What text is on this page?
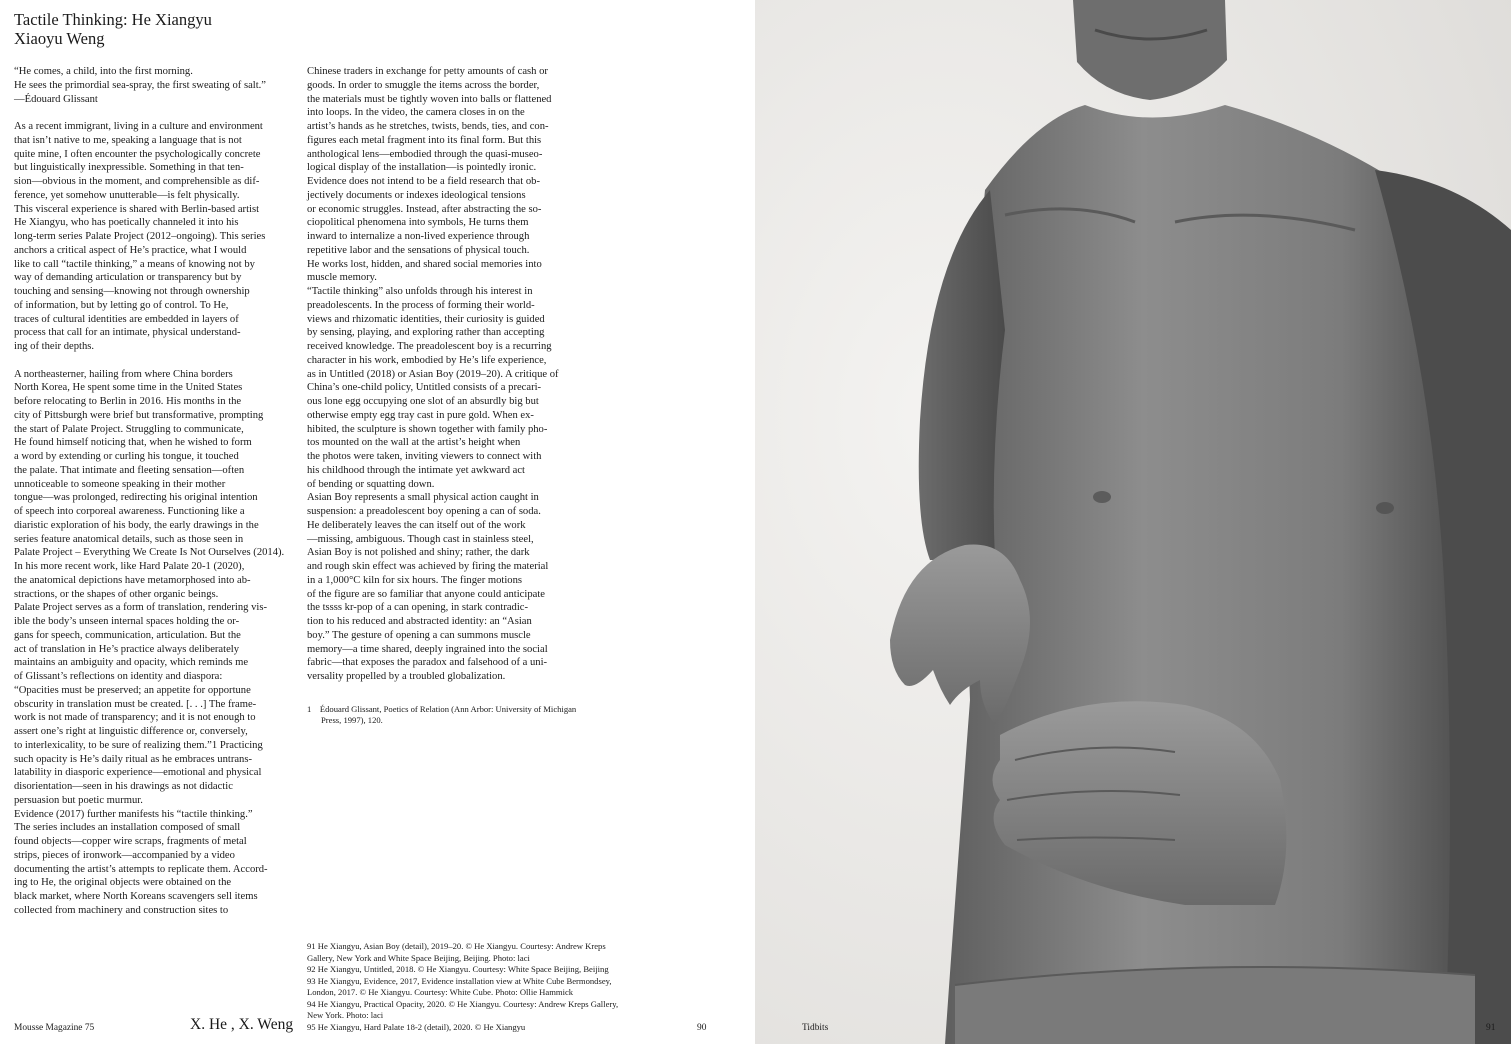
Tactile Thinking: He Xiangyu
Xiaoyu Weng

“He comes, a child, into the first morning.
He sees the primordial sea-spray, the first sweating of salt.”
—Édouard Glissant

As a recent immigrant, living in a culture and environment
that isn’t native to me, speaking a language that is not
quite mine, I often encounter the psychologically concrete
but linguistically inexpressible. Something in that ten-
sion—obvious in the moment, and comprehensible as dif-
ference, yet somehow unutterable—is felt physically.
This visceral experience is shared with Berlin-based artist
He Xiangyu, who has poetically channeled it into his
long-term series Palate Project (2012–ongoing). This series
anchors a critical aspect of He’s practice, what I would
like to call “tactile thinking,” a means of knowing not by
way of demanding articulation or transparency but by
touching and sensing—knowing not through ownership
of information, but by letting go of control. To He,
traces of cultural identities are embedded in layers of
process that call for an intimate, physical understand-
ing of their depths.

A northeasterner, hailing from where China borders
North Korea, He spent some time in the United States
before relocating to Berlin in 2016. His months in the
city of Pittsburgh were brief but transformative, prompting
the start of Palate Project. Struggling to communicate,
He found himself noticing that, when he wished to form
a word by extending or curling his tongue, it touched
the palate. That intimate and fleeting sensation—often
unnoticeable to someone speaking in their mother
tongue—was prolonged, redirecting his original intention
of speech into corporeal awareness. Functioning like a
diaristic exploration of his body, the early drawings in the
series feature anatomical details, such as those seen in
Palate Project – Everything We Create Is Not Ourselves (2014).
In his more recent work, like Hard Palate 20-1 (2020),
the anatomical depictions have metamorphosed into ab-
stractions, or the shapes of other organic beings.

Palate Project serves as a form of translation, rendering vis-
ible the body’s unseen internal spaces holding the or-
gans for speech, communication, articulation. But the
act of translation in He’s practice always deliberately
maintains an ambiguity and opacity, which reminds me
of Glissant’s reflections on identity and diaspora:
“Opacities must be preserved; an appetite for opportune
obscurity in translation must be created. [. . .] The frame-
work is not made of transparency; and it is not enough to
assert one’s right at linguistic difference or, conversely,
to interlexicality, to be sure of realizing them.”1 Practicing
such opacity is He’s daily ritual as he embraces untrans-
latability in diasporic experience—emotional and physical
disorientation—seen in his drawings as not didactic
persuasion but poetic murmur.

Evidence (2017) further manifests his “tactile thinking.”
The series includes an installation composed of small
found objects—copper wire scraps, fragments of metal
strips, pieces of ironwork—accompanied by a video
documenting the artist’s attempts to replicate them. Accord-
ing to He, the original objects were obtained on the
black market, where North Koreans scavengers sell items
collected from machinery and construction sites to

Chinese traders in exchange for petty amounts of cash or
goods. In order to smuggle the items across the border,
the materials must be tightly woven into balls or flattened
into loops. In the video, the camera closes in on the
artist’s hands as he stretches, twists, bends, ties, and con-
figures each metal fragment into its final form. But this
anthological lens—embodied through the quasi-museo-
logical display of the installation—is pointedly ironic.
Evidence does not intend to be a field research that ob-
jectively documents or indexes ideological tensions
or economic struggles. Instead, after abstracting the so-
ciopolitical phenomena into symbols, He turns them
inward to internalize a non-lived experience through
repetitive labor and the sensations of physical touch.
He works lost, hidden, and shared social memories into
muscle memory.

“Tactile thinking” also unfolds through his interest in
preadolescents. In the process of forming their world-
views and rhizomatic identities, their curiosity is guided
by sensing, playing, and exploring rather than accepting
received knowledge. The preadolescent boy is a recurring
character in his work, embodied by He’s life experience,
as in Untitled (2018) or Asian Boy (2019–20). A critique of
China’s one-child policy, Untitled consists of a precari-
ous lone egg occupying one slot of an absurdly big but
otherwise empty egg tray cast in pure gold. When ex-
hibited, the sculpture is shown together with family pho-
tos mounted on the wall at the artist’s height when
the photos were taken, inviting viewers to connect with
his childhood through the intimate yet awkward act
of bending or squatting down.

Asian Boy represents a small physical action caught in
suspension: a preadolescent boy opening a can of soda.
He deliberately leaves the can itself out of the work
—missing, ambiguous. Though cast in stainless steel,
Asian Boy is not polished and shiny; rather, the dark
and rough skin effect was achieved by firing the material
in a 1,000°C kiln for six hours. The finger motions
of the figure are so familiar that anyone could anticipate
the tssss kr-pop of a can opening, in stark contradic-
tion to his reduced and abstracted identity: an “Asian
boy.” The gesture of opening a can summons muscle
memory—a time shared, deeply ingrained into the social
fabric—that exposes the paradox and falsehood of a uni-
versality propelled by a troubled globalization.

1    Édouard Glissant, Poetics of Relation (Ann Arbor: University of Michigan
Press, 1997), 120.

91 He Xiangyu, Asian Boy (detail), 2019–20. © He Xiangyu. Courtesy: Andrew Kreps
Gallery, New York and White Space Beijing, Beijing. Photo: laci
92 He Xiangyu, Untitled, 2018. © He Xiangyu. Courtesy: White Space Beijing, Beijing
93 He Xiangyu, Evidence, 2017, Evidence installation view at White Cube Bermondsey,
London, 2017. © He Xiangyu. Courtesy: White Cube. Photo: Ollie Hammick
94 He Xiangyu, Practical Opacity, 2020. © He Xiangyu. Courtesy: Andrew Kreps Gallery,
New York. Photo: laci
95 He Xiangyu, Hard Palate 18-2 (detail), 2020. © He Xiangyu
Mousse Magazine 75	X. He , X. Weng	90	Tidbits	91
